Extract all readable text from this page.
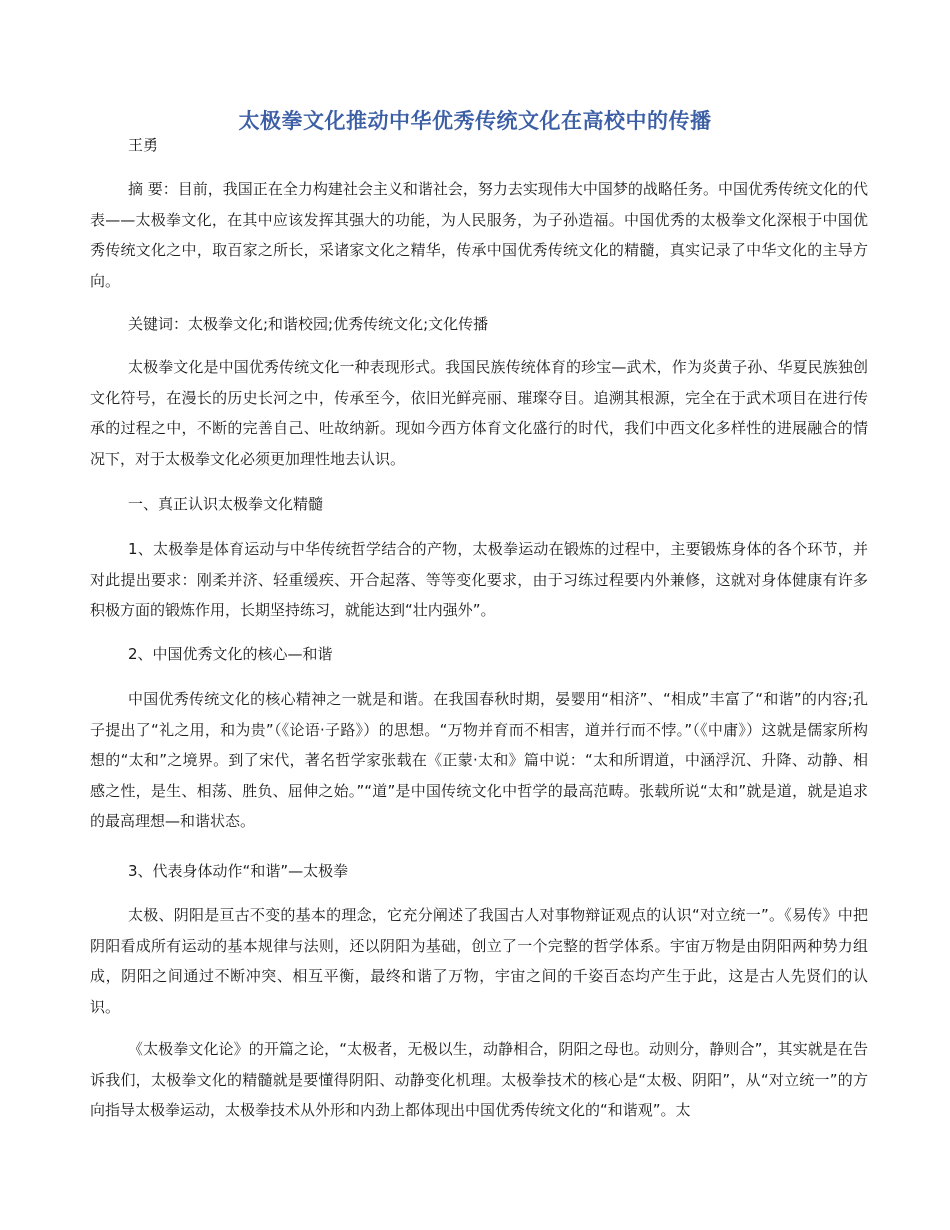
太极拳文化推动中华优秀传统文化在高校中的传播
王勇

摘 要：目前，我国正在全力构建社会主义和谐社会，努力去实现伟大中国梦的战略任务。中国优秀传统文化的代表——太极拳文化，在其中应该发挥其强大的功能，为人民服务，为子孙造福。中国优秀的太极拳文化深根于中国优秀传统文化之中，取百家之所长，采诸家文化之精华，传承中国优秀传统文化的精髓，真实记录了中华文化的主导方向。

关键词：太极拳文化;和谐校园;优秀传统文化;文化传播

太极拳文化是中国优秀传统文化一种表现形式。我国民族传统体育的珍宝—武术，作为炎黄子孙、华夏民族独创文化符号，在漫长的历史长河之中，传承至今，依旧光鲜亮丽、璀璨夺目。追溯其根源，完全在于武术项目在进行传承的过程之中，不断的完善自己、吐故纳新。现如今西方体育文化盛行的时代，我们中西文化多样性的进展融合的情况下，对于太极拳文化必须更加理性地去认识。

一、真正认识太极拳文化精髓

1、太极拳是体育运动与中华传统哲学结合的产物，太极拳运动在锻炼的过程中，主要锻炼身体的各个环节，并对此提出要求：刚柔并济、轻重缓疾、开合起落、等等变化要求，由于习练过程要内外兼修，这就对身体健康有许多积极方面的锻炼作用，长期坚持练习，就能达到“壮内强外”。

2、中国优秀文化的核心—和谐

中国优秀传统文化的核心精神之一就是和谐。在我国春秋时期，晏婴用“相济”、“相成”丰富了“和谐”的内容;孔子提出了“礼之用，和为贵”（《论语·子路》）的思想。“万物并育而不相害，道并行而不悖。”（《中庸》）这就是儒家所构想的“太和”之境界。到了宋代，著名哲学家张载在《正蒙·太和》篇中说：“太和所谓道，中涵浮沉、升降、动静、相感之性，是生、相荡、胜负、屈伸之始。”“道”是中国传统文化中哲学的最高范畴。张载所说“太和”就是道，就是追求的最高理想—和谐状态。

3、代表身体动作“和谐”—太极拳

太极、阴阳是亘古不变的基本的理念，它充分阐述了我国古人对事物辩证观点的认识“对立统一”。《易传》中把阴阳看成所有运动的基本规律与法则，还以阴阳为基础，创立了一个完整的哲学体系。宇宙万物是由阴阳两种势力组成，阴阳之间通过不断冲突、相互平衡，最终和谐了万物，宇宙之间的千姿百态均产生于此，这是古人先贤们的认识。

《太极拳文化论》的开篇之论，“太极者，无极以生，动静相合，阴阳之母也。动则分，静则合”，其实就是在告诉我们，太极拳文化的精髓就是要懂得阴阳、动静变化机理。太极拳技术的核心是“太极、阴阳”，从“对立统一”的方向指导太极拳运动，太极拳技术从外形和内劲上都体现出中国优秀传统文化的“和谐观”。太
